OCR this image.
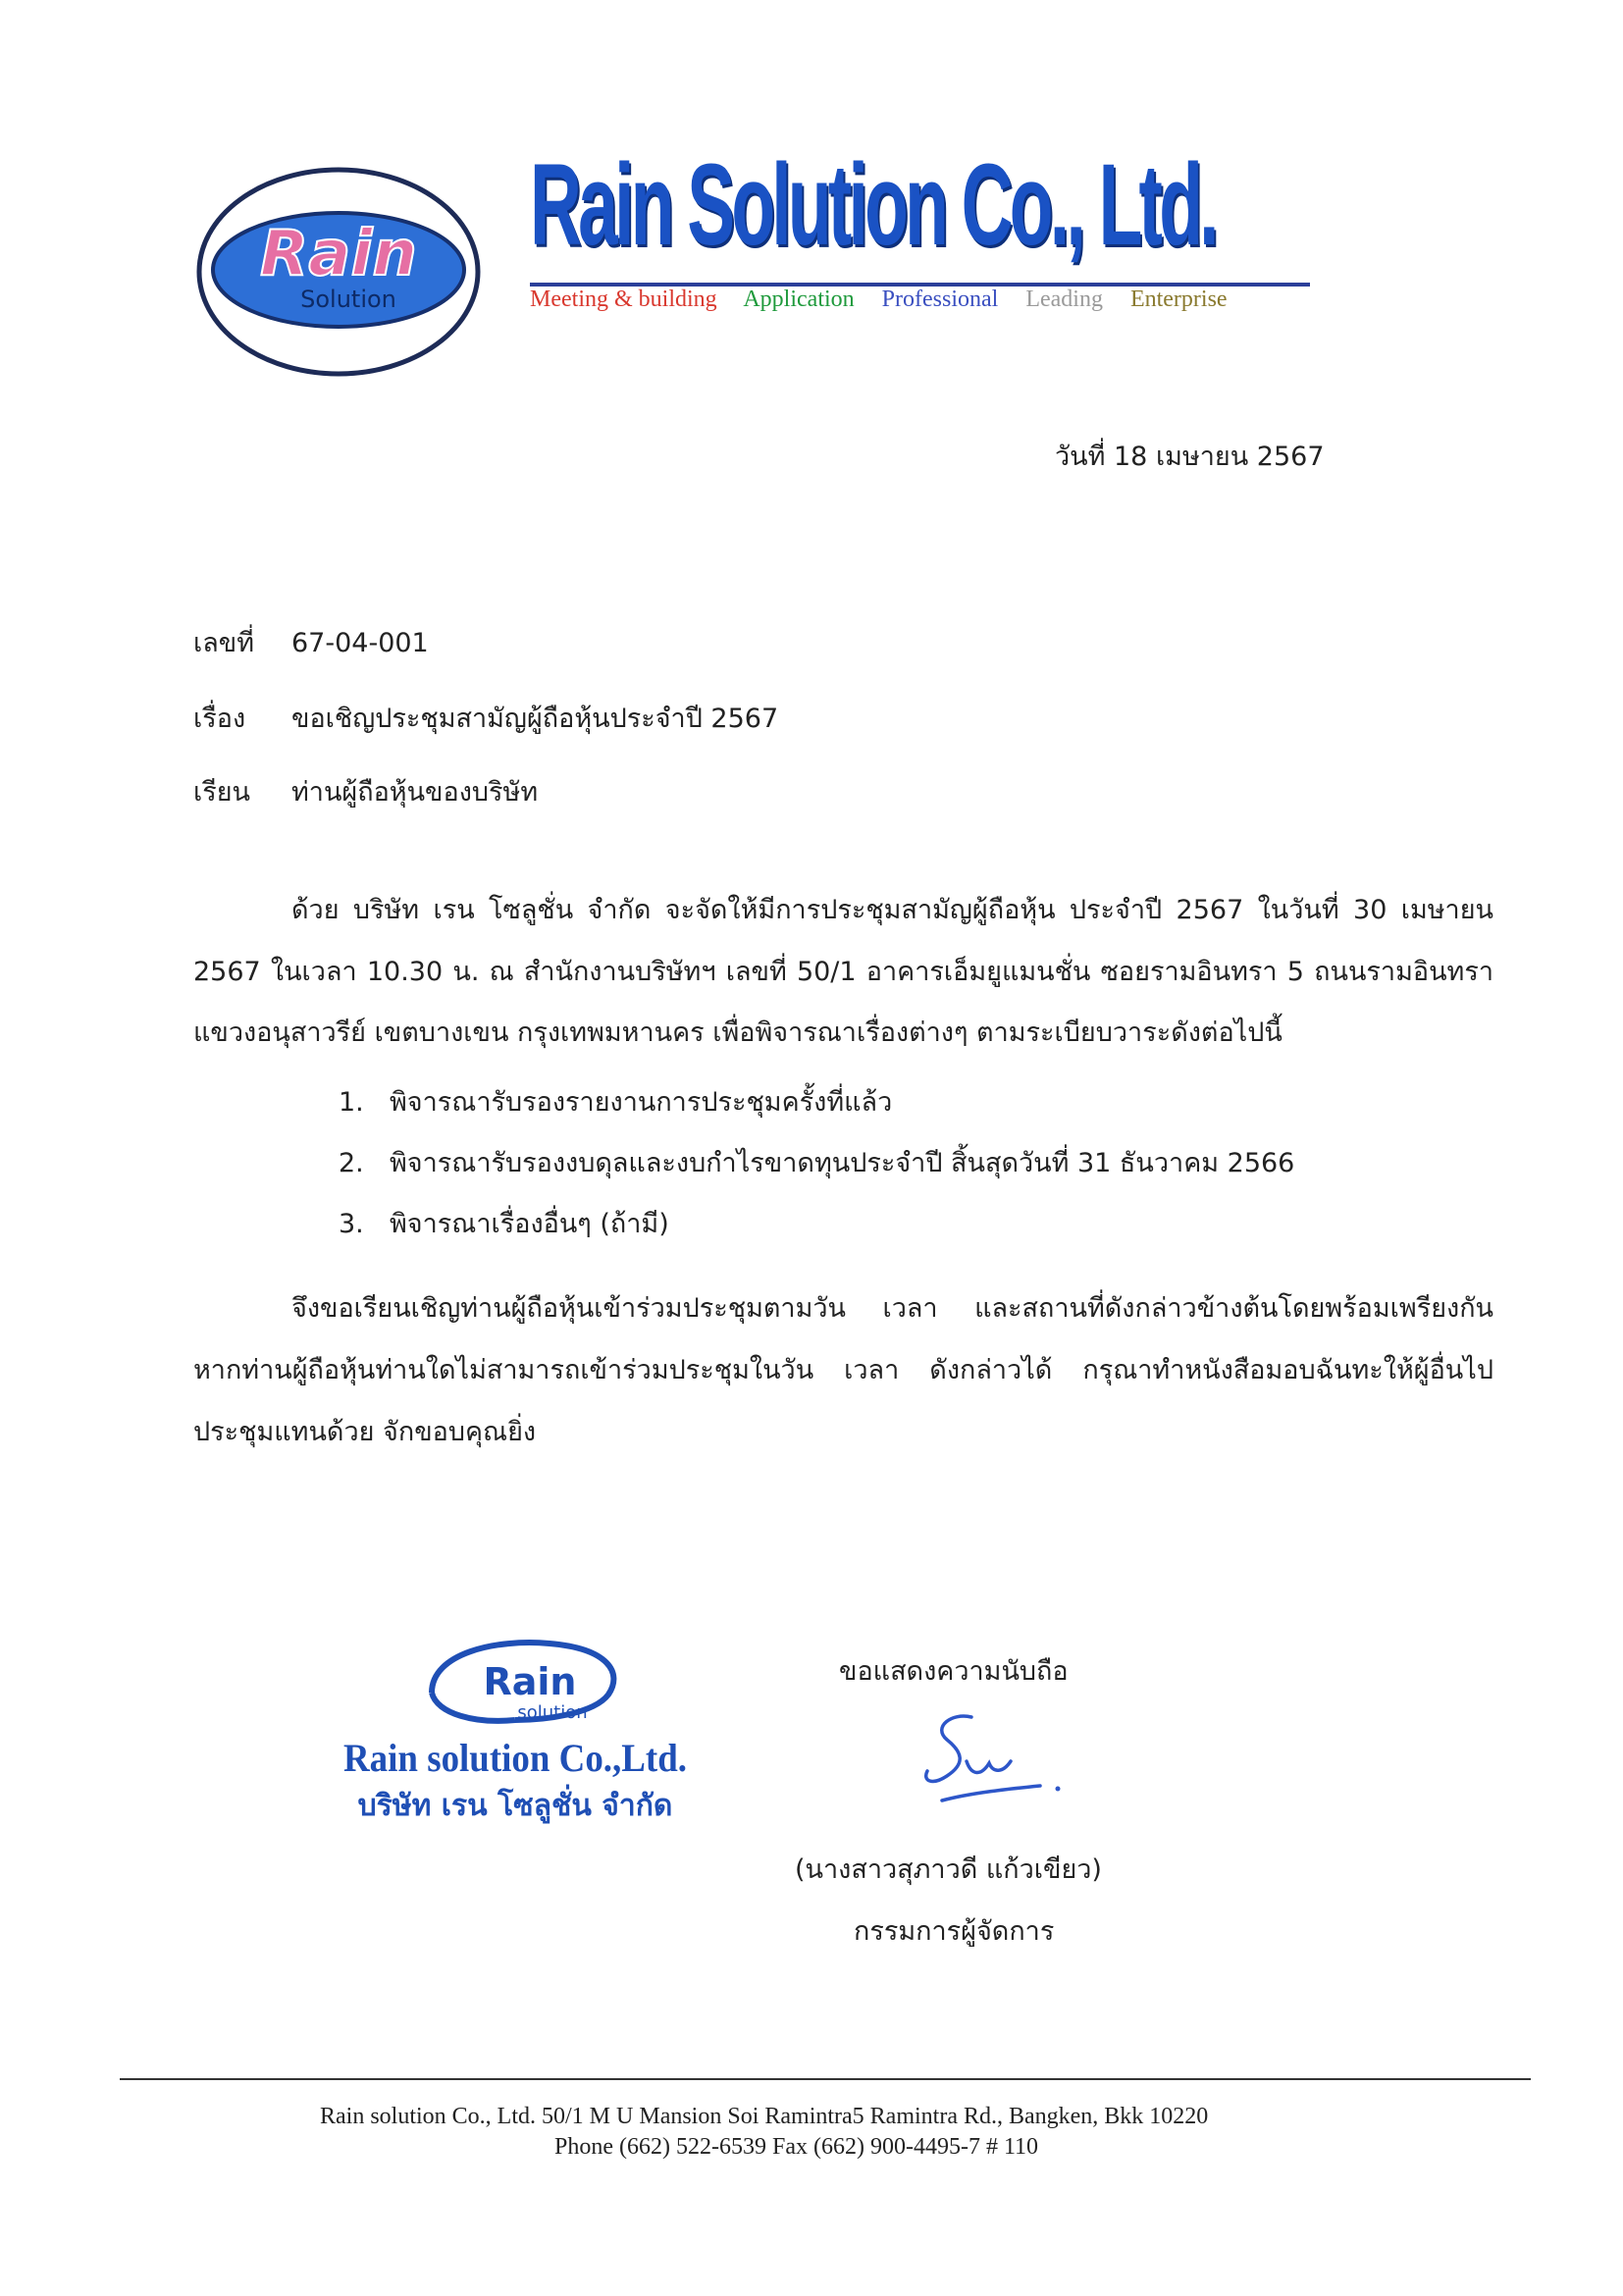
Rain
Solution
Rain Solution Co., Ltd.
Meeting & building Application Professional Leading Enterprise
วันที่ 18 เมษายน 2567
เลขที่ 67-04-001
เรื่อง ขอเชิญประชุมสามัญผู้ถือหุ้นประจำปี 2567
เรียน ท่านผู้ถือหุ้นของบริษัท
ด้วย บริษัท เรน โซลูชั่น จำกัด จะจัดให้มีการประชุมสามัญผู้ถือหุ้น ประจำปี 2567 ในวันที่ 30 เมษายน
2567 ในเวลา 10.30 น. ณ สำนักงานบริษัทฯ เลขที่ 50/1 อาคารเอ็มยูแมนชั่น ซอยรามอินทรา 5 ถนนรามอินทรา
แขวงอนุสาวรีย์ เขตบางเขน กรุงเทพมหานคร เพื่อพิจารณาเรื่องต่างๆ ตามระเบียบวาระดังต่อไปนี้
1. พิจารณารับรองรายงานการประชุมครั้งที่แล้ว
2. พิจารณารับรองงบดุลและงบกำไรขาดทุนประจำปี สิ้นสุดวันที่ 31 ธันวาคม 2566
3. พิจารณาเรื่องอื่นๆ (ถ้ามี)
จึงขอเรียนเชิญท่านผู้ถือหุ้นเข้าร่วมประชุมตามวัน เวลา และสถานที่ดังกล่าวข้างต้นโดยพร้อมเพรียงกัน
หากท่านผู้ถือหุ้นท่านใดไม่สามารถเข้าร่วมประชุมในวัน เวลา ดังกล่าวได้ กรุณาทำหนังสือมอบฉันทะให้ผู้อื่นไป
ประชุมแทนด้วย จักขอบคุณยิ่ง
Rain
solution
Rain solution Co.,Ltd.
บริษัท เรน โซลูชั่น จำกัด
ขอแสดงความนับถือ
(นางสาวสุภาวดี แก้วเขียว)
กรรมการผู้จัดการ
Rain solution Co., Ltd. 50/1 M U Mansion Soi Ramintra5 Ramintra Rd., Bangken, Bkk 10220
Phone (662) 522-6539 Fax (662) 900-4495-7 # 110
